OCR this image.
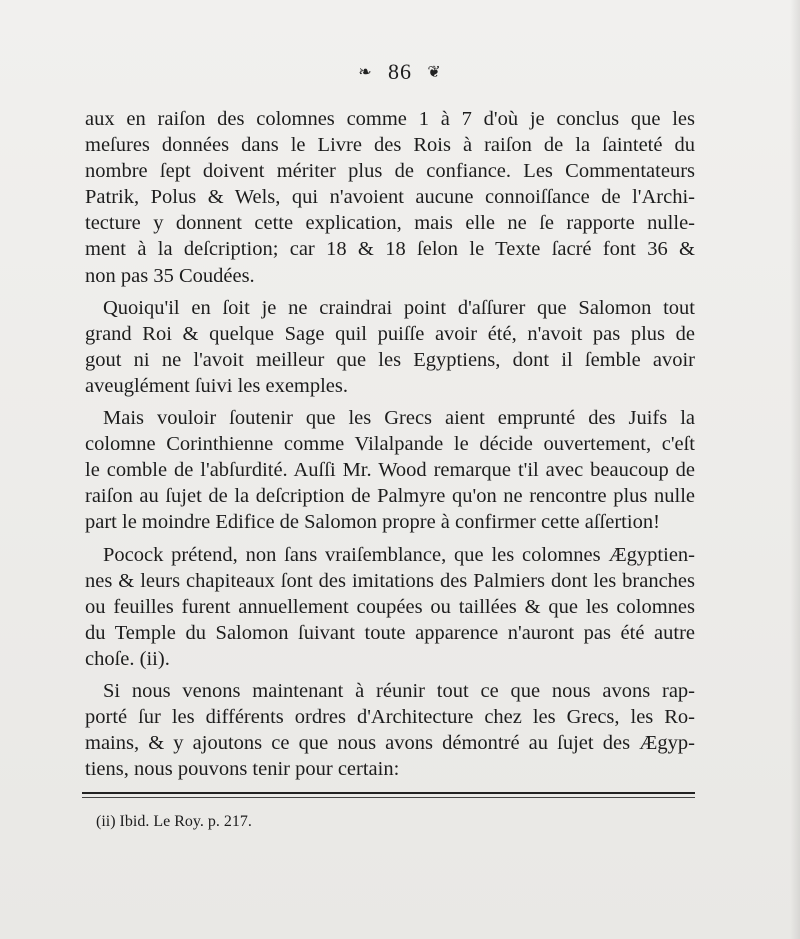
❧ 86 ❦
aux en raiſon des colomnes comme 1 à 7 d'où je conclus que les
meſures données dans le Livre des Rois à raiſon de la ſainteté du
nombre ſept doivent mériter plus de confiance. Les Commentateurs
Patrik, Polus & Wels, qui n'avoient aucune connoiſſance de l'Archi-
tecture y donnent cette explication, mais elle ne ſe rapporte nulle-
ment à la deſcription; car 18 & 18 ſelon le Texte ſacré font 36 &
non pas 35 Coudées.
Quoiqu'il en ſoit je ne craindrai point d'aſſurer que Salomon tout
grand Roi & quelque Sage quil puiſſe avoir été, n'avoit pas plus de
gout ni ne l'avoit meilleur que les Egyptiens, dont il ſemble avoir
aveuglément ſuivi les exemples.
Mais vouloir ſoutenir que les Grecs aient emprunté des Juifs la
colomne Corinthienne comme Vilalpande le décide ouvertement, c'eſt
le comble de l'abſurdité. Auſſi Mr. Wood remarque t'il avec beaucoup de
raiſon au ſujet de la deſcription de Palmyre qu'on ne rencontre plus nulle
part le moindre Edifice de Salomon propre à confirmer cette aſſertion!
Pocock prétend, non ſans vraiſemblance, que les colomnes Ægyptien-
nes & leurs chapiteaux ſont des imitations des Palmiers dont les branches
ou feuilles furent annuellement coupées ou taillées & que les colomnes
du Temple du Salomon ſuivant toute apparence n'auront pas été autre
choſe. (ii).
Si nous venons maintenant à réunir tout ce que nous avons rap-
porté ſur les différents ordres d'Architecture chez les Grecs, les Ro-
mains, & y ajoutons ce que nous avons démontré au ſujet des Ægyp-
tiens, nous pouvons tenir pour certain:
(ii) Ibid. Le Roy. p. 217.
